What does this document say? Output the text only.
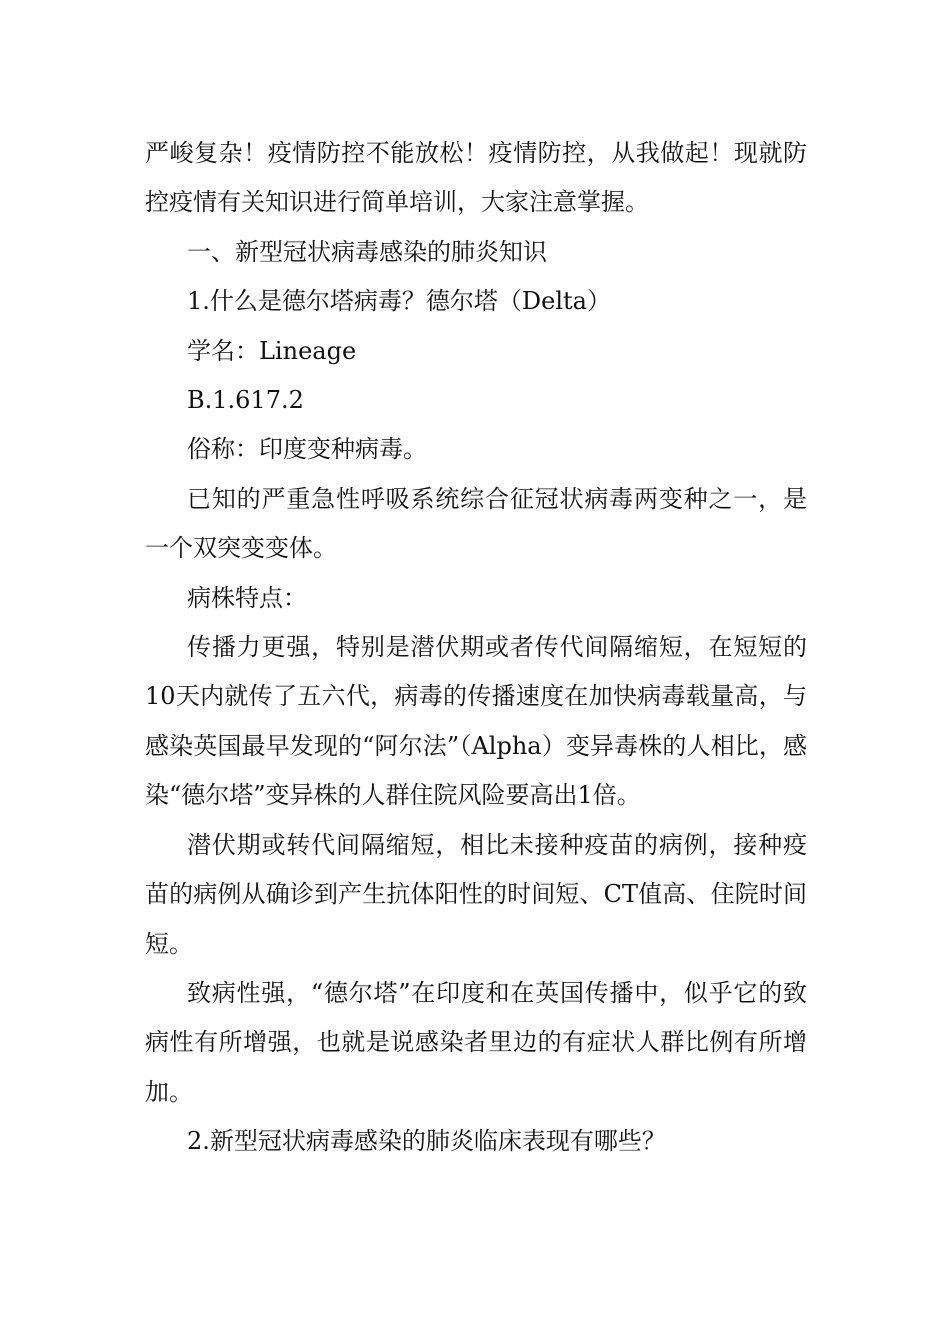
严峻复杂！疫情防控不能放松！疫情防控，从我做起！现就防控疫情有关知识进行简单培训，大家注意掌握。

一、新型冠状病毒感染的肺炎知识

1.什么是德尔塔病毒？德尔塔（Delta）

学名：Lineage

B.1.617.2

俗称：印度变种病毒。

已知的严重急性呼吸系统综合征冠状病毒两变种之一，是一个双突变变体。

病株特点：

传播力更强，特别是潜伏期或者传代间隔缩短，在短短的10天内就传了五六代，病毒的传播速度在加快病毒载量高，与感染英国最早发现的“阿尔法”（Alpha）变异毒株的人相比，感染“德尔塔”变异株的人群住院风险要高出1倍。

潜伏期或转代间隔缩短，相比未接种疫苗的病例，接种疫苗的病例从确诊到产生抗体阳性的时间短、CT值高、住院时间短。

致病性强，“德尔塔”在印度和在英国传播中，似乎它的致病性有所增强，也就是说感染者里边的有症状人群比例有所增加。

2.新型冠状病毒感染的肺炎临床表现有哪些？
